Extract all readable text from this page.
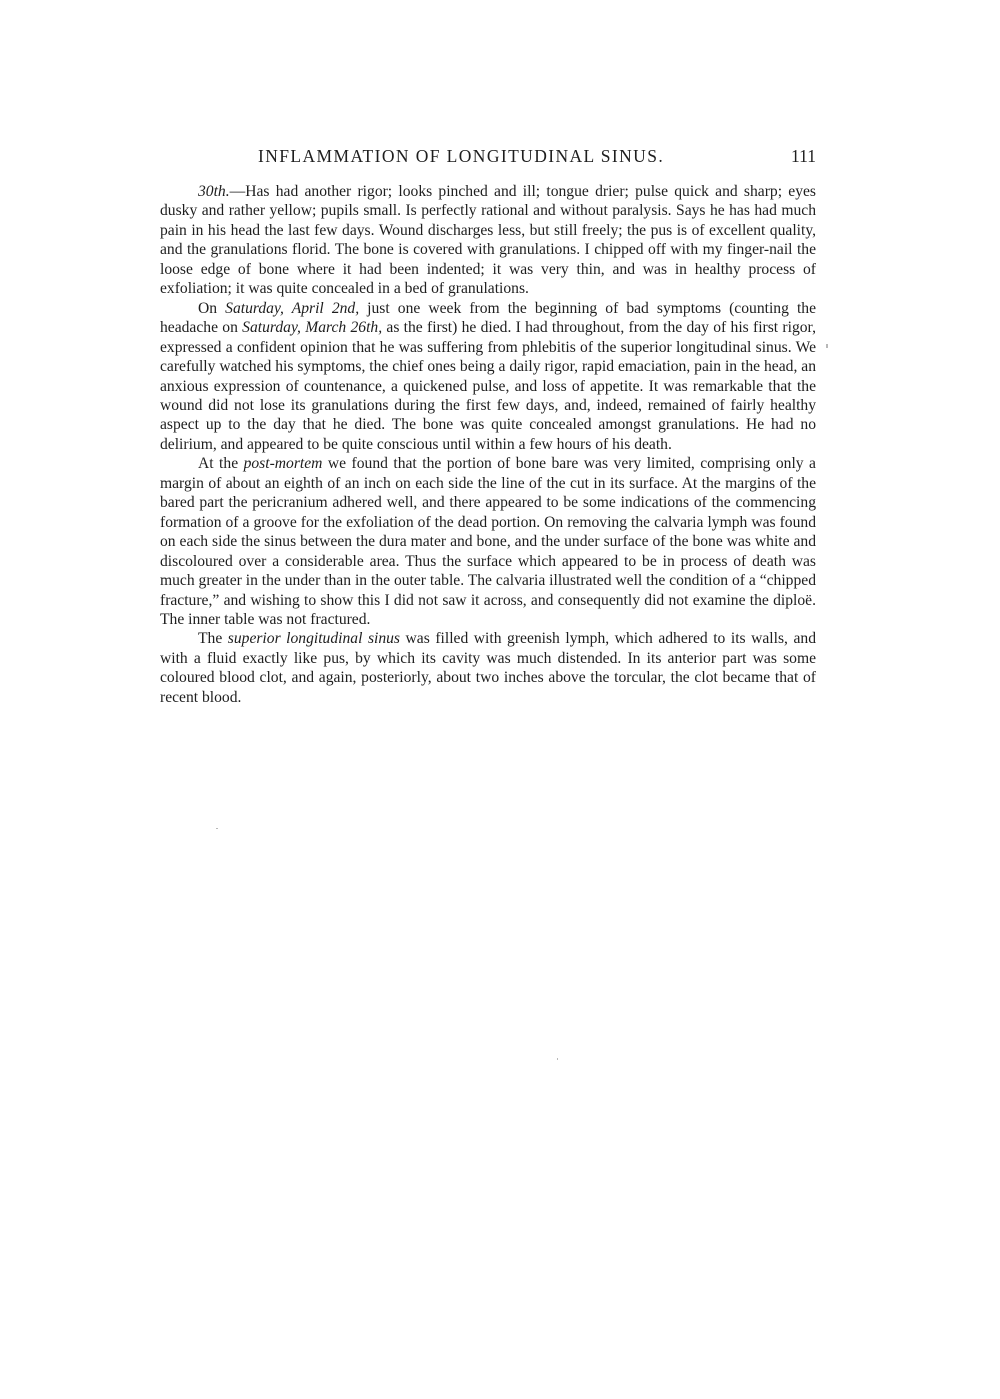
INFLAMMATION OF LONGITUDINAL SINUS.	111

30th.—Has had another rigor; looks pinched and ill; tongue drier; pulse quick and sharp; eyes dusky and rather yellow; pupils small. Is perfectly rational and without paralysis. Says he has had much pain in his head the last few days. Wound discharges less, but still freely; the pus is of excellent quality, and the granulations florid. The bone is covered with granulations. I chipped off with my finger-nail the loose edge of bone where it had been indented; it was very thin, and was in healthy process of exfoliation; it was quite concealed in a bed of granulations.

On Saturday, April 2nd, just one week from the beginning of bad symptoms (counting the headache on Saturday, March 26th, as the first) he died. I had throughout, from the day of his first rigor, expressed a confident opinion that he was suffering from phlebitis of the superior longitudinal sinus. We carefully watched his symptoms, the chief ones being a daily rigor, rapid emaciation, pain in the head, an anxious expression of countenance, a quickened pulse, and loss of appetite. It was remarkable that the wound did not lose its granulations during the first few days, and, indeed, remained of fairly healthy aspect up to the day that he died. The bone was quite concealed amongst granulations. He had no delirium, and appeared to be quite conscious until within a few hours of his death.

At the post-mortem we found that the portion of bone bare was very limited, comprising only a margin of about an eighth of an inch on each side the line of the cut in its surface. At the margins of the bared part the pericranium adhered well, and there appeared to be some indications of the commencing formation of a groove for the exfoliation of the dead portion. On removing the calvaria lymph was found on each side the sinus between the dura mater and bone, and the under surface of the bone was white and discoloured over a considerable area. Thus the surface which appeared to be in process of death was much greater in the under than in the outer table. The calvaria illustrated well the condition of a “chipped fracture,” and wishing to show this I did not saw it across, and consequently did not examine the diploë. The inner table was not fractured.

The superior longitudinal sinus was filled with greenish lymph, which adhered to its walls, and with a fluid exactly like pus, by which its cavity was much distended. In its anterior part was some coloured blood clot, and again, posteriorly, about two inches above the torcular, the clot became that of recent blood.
